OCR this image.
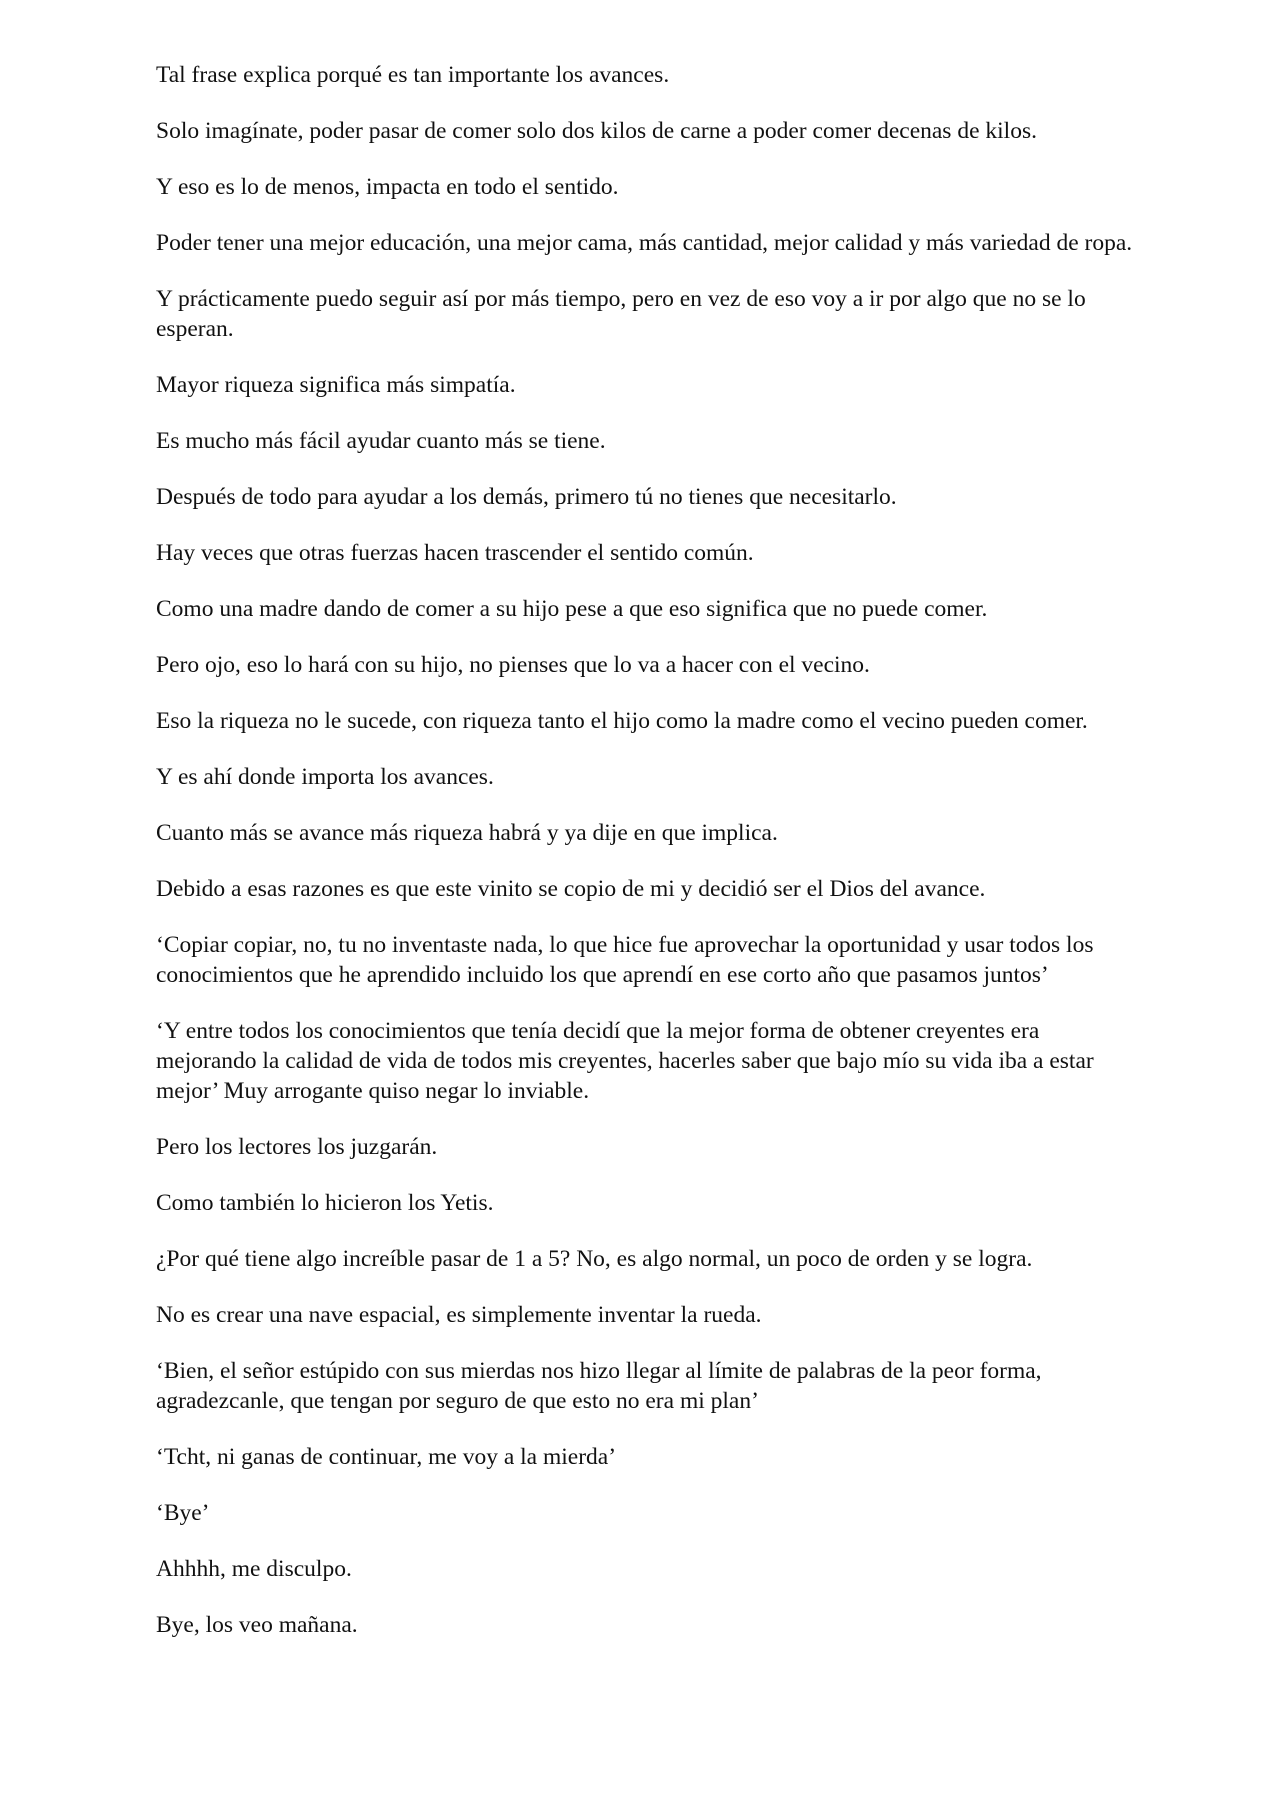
Tal frase explica porqué es tan importante los avances.

Solo imagínate, poder pasar de comer solo dos kilos de carne a poder comer decenas de kilos.

Y eso es lo de menos, impacta en todo el sentido.

Poder tener una mejor educación, una mejor cama, más cantidad, mejor calidad y más variedad de ropa.

Y prácticamente puedo seguir así por más tiempo, pero en vez de eso voy a ir por algo que no se lo esperan.

Mayor riqueza significa más simpatía.

Es mucho más fácil ayudar cuanto más se tiene.

Después de todo para ayudar a los demás, primero tú no tienes que necesitarlo.

Hay veces que otras fuerzas hacen trascender el sentido común.

Como una madre dando de comer a su hijo pese a que eso significa que no puede comer.

Pero ojo, eso lo hará con su hijo, no pienses que lo va a hacer con el vecino.

Eso la riqueza no le sucede, con riqueza tanto el hijo como la madre como el vecino pueden comer.

Y es ahí donde importa los avances.

Cuanto más se avance más riqueza habrá y ya dije en que implica.

Debido a esas razones es que este vinito se copio de mi y decidió ser el Dios del avance.

‘Copiar copiar, no, tu no inventaste nada, lo que hice fue aprovechar la oportunidad y usar todos los conocimientos que he aprendido incluido los que aprendí en ese corto año que pasamos juntos’

‘Y entre todos los conocimientos que tenía decidí que la mejor forma de obtener creyentes era mejorando la calidad de vida de todos mis creyentes, hacerles saber que bajo mío su vida iba a estar mejor’ Muy arrogante quiso negar lo inviable.

Pero los lectores los juzgarán.

Como también lo hicieron los Yetis.

¿Por qué tiene algo increíble pasar de 1 a 5? No, es algo normal, un poco de orden y se logra.

No es crear una nave espacial, es simplemente inventar la rueda.

‘Bien, el señor estúpido con sus mierdas nos hizo llegar al límite de palabras de la peor forma, agradezcanle, que tengan por seguro de que esto no era mi plan’

‘Tcht, ni ganas de continuar, me voy a la mierda’

‘Bye’

Ahhhh, me disculpo.

Bye, los veo mañana.
